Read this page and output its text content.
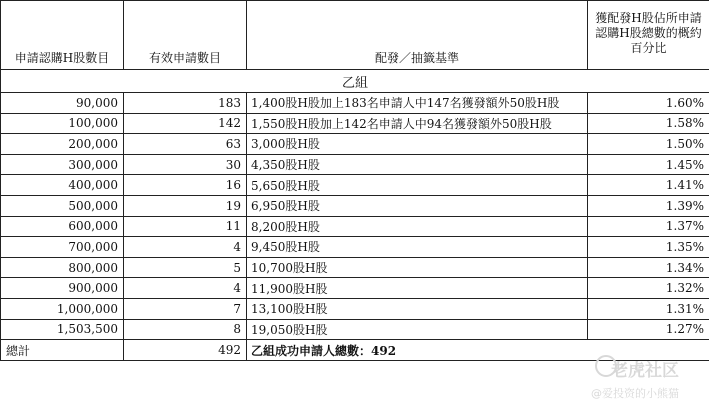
申請認購H股數目	有效申請數目	配發／抽籤基準	獲配發H股佔所申請認購H股總數的概約百分比
乙組			
90,000	183	1,400股H股加上183名申請人中147名獲發額外50股H股	1.60%
100,000	142	1,550股H股加上142名申請人中94名獲發額外50股H股	1.58%
200,000	63	3,000股H股	1.50%
300,000	30	4,350股H股	1.45%
400,000	16	5,650股H股	1.41%
500,000	19	6,950股H股	1.39%
600,000	11	8,200股H股	1.37%
700,000	4	9,450股H股	1.35%
800,000	5	10,700股H股	1.34%
900,000	4	11,900股H股	1.32%
1,000,000	7	13,100股H股	1.31%
1,503,500	8	19,050股H股	1.27%
總計	492	乙組成功申請人總數：492	
老虎社区
@爱投资的小熊猫
